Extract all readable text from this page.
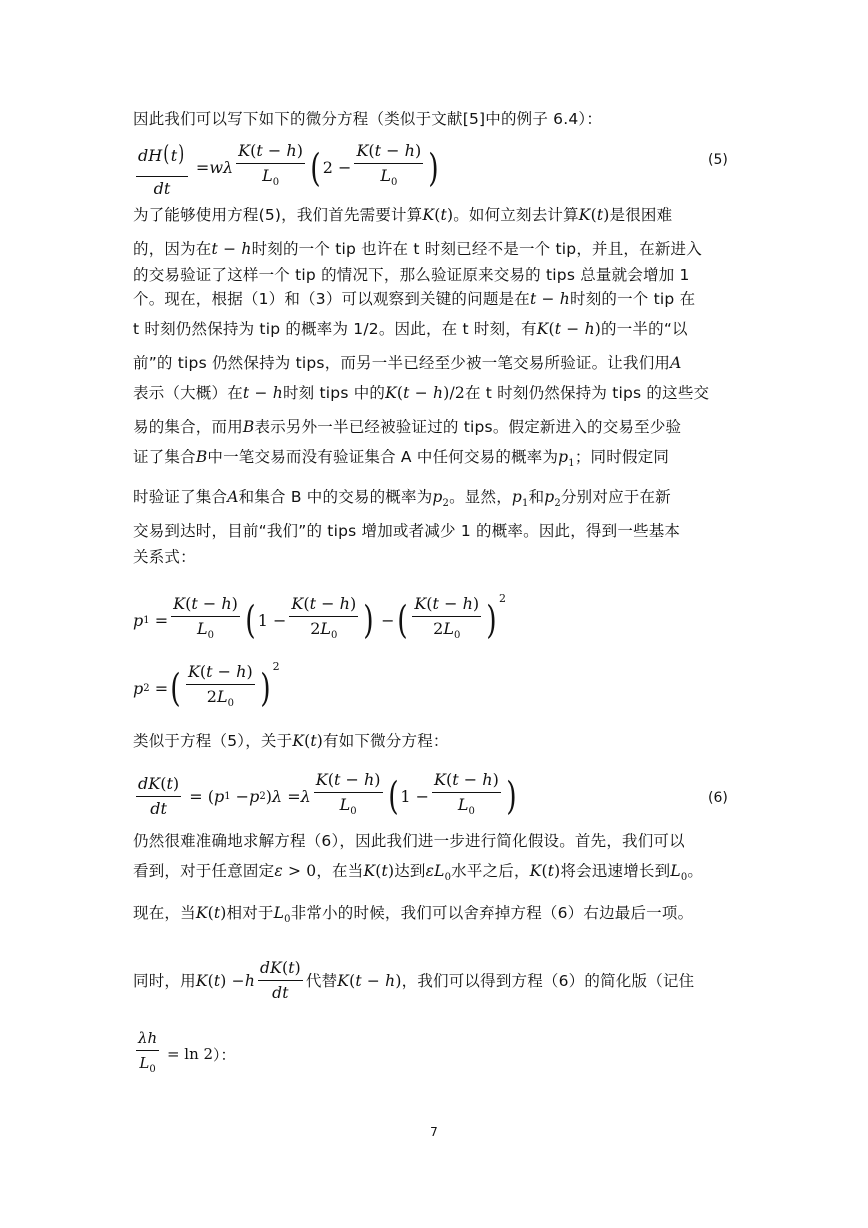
因此我们可以写下如下的微分方程（类似于文献[5]中的例子 6.4）：
$\frac{dH(t)}{dt} = w\lambda \frac{K(t - h)}{L_0}$ ( $2 - \frac{K(t - h)}{L_0}$ )	(5)
为了能够使用方程(5)，我们首先需要计算K(t)。如何立刻去计算K(t)是很困难
的，因为在t − h时刻的一个 tip 也许在 t 时刻已经不是一个 tip，并且，在新进入
的交易验证了这样一个 tip 的情况下，那么验证原来交易的 tips 总量就会增加 1
个。现在，根据（1）和（3）可以观察到关键的问题是在t − h时刻的一个 tip 在
t 时刻仍然保持为 tip 的概率为 1/2。因此，在 t 时刻，有K(t − h)的一半的“以
前”的 tips 仍然保持为 tips，而另一半已经至少被一笔交易所验证。让我们用A
表示（大概）在t − h时刻 tips 中的K(t − h)/2在 t 时刻仍然保持为 tips 的这些交
易的集合，而用B表示另外一半已经被验证过的 tips。假定新进入的交易至少验
证了集合B中一笔交易而没有验证集合 A 中任何交易的概率为$p_1$；同时假定同
时验证了集合A和集合 B 中的交易的概率为$p_2$。显然，$p_1$和$p_2$分别对应于在新
交易到达时，目前“我们”的 tips 增加或者减少 1 的概率。因此，得到一些基本
关系式：
p $1 = \frac{K(t - h)}{L_0}$ ( $1 - \frac{K(t - h)}{2L_0}$ ) − ( $\frac{K(t - h)}{2L_0} )^2$
p 2 = ( $\frac{K(t - h)}{2L_0} )^2$
类似于方程（5），关于K(t)有如下微分方程：
$\frac{dK(t)}{dt}$ = ( p 1 − p 2 ) λ = λ $\frac{K(t - h)}{L_0}$ ( $1 - \frac{K(t - h)}{L_0}$ )	(6)
仍然很难准确地求解方程（6），因此我们进一步进行简化假设。首先，我们可以
看到，对于任意固定ε > 0，在当K(t)达到$\varepsilon L_0$水平之后，K(t)将会迅速增长到$L_0$。
现在，当K(t)相对于$L_0$非常小的时候，我们可以舍弃掉方程（6）右边最后一项。
同时，用 K ( t ) − h $\frac{dK(t)}{dt}$ 代替 K ( t − h ) ，我们可以得到方程（6）的简化版（记住
$\frac{\lambda h}{L_0} = \ln 2$ ）：
7
